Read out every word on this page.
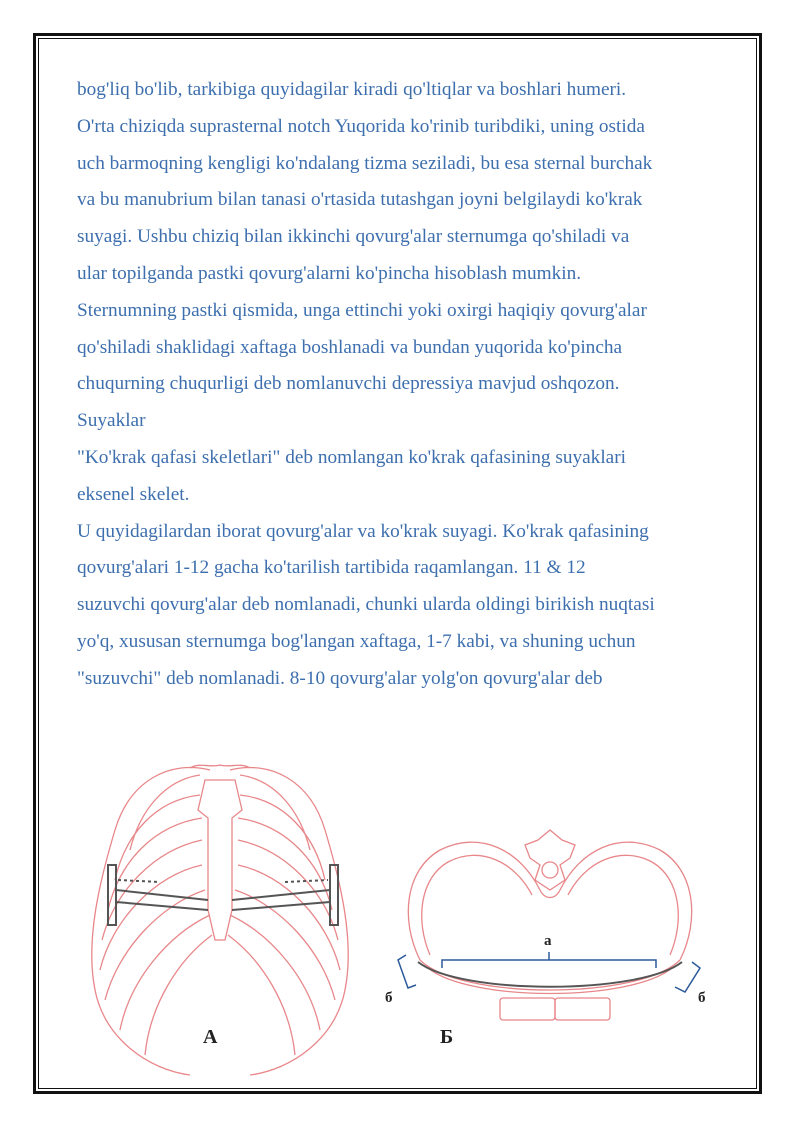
bog'liq bo'lib, tarkibiga quyidagilar kiradi qo'ltiqlar va boshlari humeri.
O'rta chiziqda suprasternal notch Yuqorida ko'rinib turibdiki, uning ostida
uch barmoqning kengligi ko'ndalang tizma seziladi, bu esa sternal burchak
va bu manubrium bilan tanasi o'rtasida tutashgan joyni belgilaydi ko'krak
suyagi. Ushbu chiziq bilan ikkinchi qovurg'alar sternumga qo'shiladi va
ular topilganda pastki qovurg'alarni ko'pincha hisoblash mumkin.
Sternumning pastki qismida, unga ettinchi yoki oxirgi haqiqiy qovurg'alar
qo'shiladi shaklidagi xaftaga boshlanadi va bundan yuqorida ko'pincha
chuqurning chuqurligi deb nomlanuvchi depressiya mavjud oshqozon.
Suyaklar
"Ko'krak qafasi skeletlari" deb nomlangan ko'krak qafasining suyaklari
eksenel skelet.
U quyidagilardan iborat qovurg'alar va ko'krak suyagi. Ko'krak qafasining
qovurg'alari 1-12 gacha ko'tarilish tartibida raqamlangan. 11 & 12
suzuvchi qovurg'alar deb nomlanadi, chunki ularda oldingi birikish nuqtasi
yo'q, xususan sternumga bog'langan xaftaga, 1-7 kabi, va shuning uchun
"suzuvchi" deb nomlanadi. 8-10 qovurg'alar yolg'on qovurg'alar deb
А
а
б	б
Б
